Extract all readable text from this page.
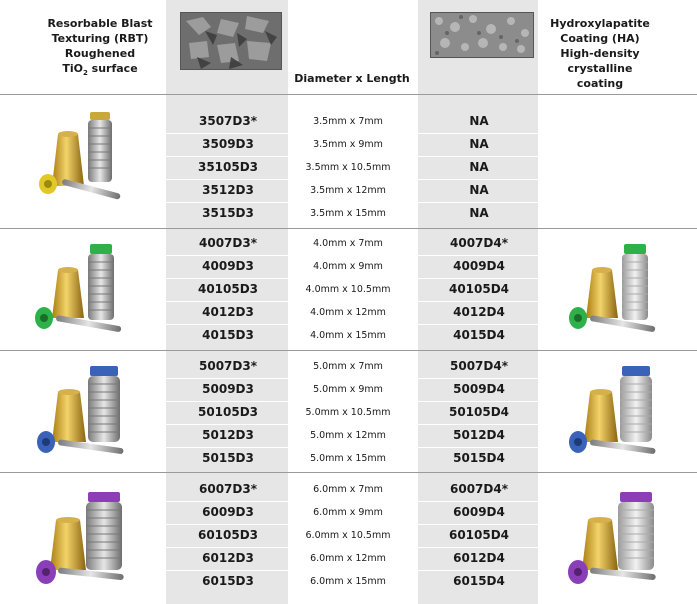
Resorbable Blast
Texturing (RBT)
Roughened
TiO$_2$ surface
Diameter x Length
Hydroxylapatite
Coating (HA)
High-density
crystalline coating
3507D3*	3.5mm x 7mm	NA
3509D3	3.5mm x 9mm	NA
35105D3	3.5mm x 10.5mm	NA
3512D3	3.5mm x 12mm	NA
3515D3	3.5mm x 15mm	NA
4007D3*	4.0mm x 7mm	4007D4*
4009D3	4.0mm x 9mm	4009D4
40105D3	4.0mm x 10.5mm	40105D4
4012D3	4.0mm x 12mm	4012D4
4015D3	4.0mm x 15mm	4015D4
5007D3*	5.0mm x 7mm	5007D4*
5009D3	5.0mm x 9mm	5009D4
50105D3	5.0mm x 10.5mm	50105D4
5012D3	5.0mm x 12mm	5012D4
5015D3	5.0mm x 15mm	5015D4
6007D3*	6.0mm x 7mm	6007D4*
6009D3	6.0mm x 9mm	6009D4
60105D3	6.0mm x 10.5mm	60105D4
6012D3	6.0mm x 12mm	6012D4
6015D3	6.0mm x 15mm	6015D4
